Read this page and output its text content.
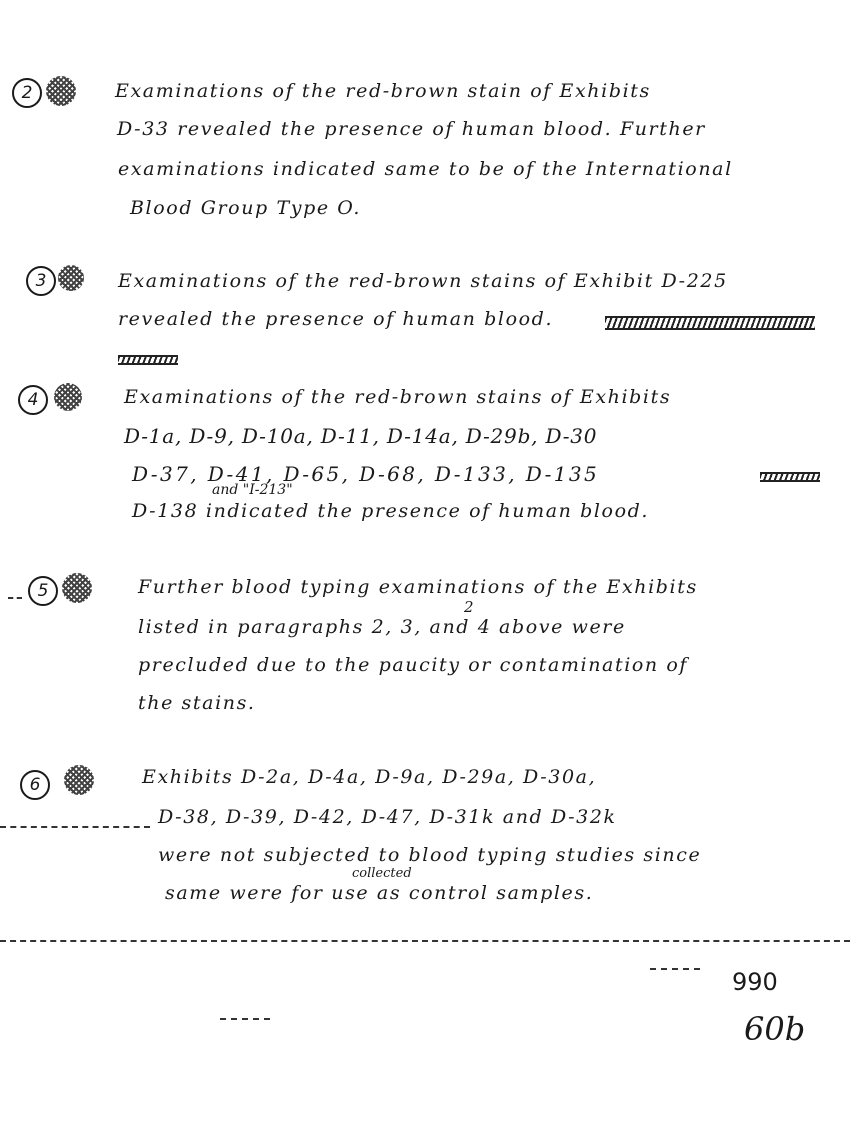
2	Examinations of the red-brown stain of Exhibits
D-33 revealed the presence of human blood. Further
examinations indicated same to be of the International
Blood Group Type O.
3	Examinations of the red-brown stains of Exhibit D-225
revealed the presence of human blood.
4	Examinations of the red-brown stains of Exhibits
D-1a, D-9, D-10a, D-11, D-14a, D-29b, D-30
D-37, D-41, D-65, D-68, D-133, D-135
and "I-213"
D-138 indicated the presence of human blood.
5	Further blood typing examinations of the Exhibits
2
listed in paragraphs 2, 3, and 4 above were
precluded due to the paucity or contamination of
the stains.
6	Exhibits D-2a, D-4a, D-9a, D-29a, D-30a,
D-38, D-39, D-42, D-47, D-31k and D-32k
were not subjected to blood typing studies since
collected
same were for use as control samples.
990
60b
